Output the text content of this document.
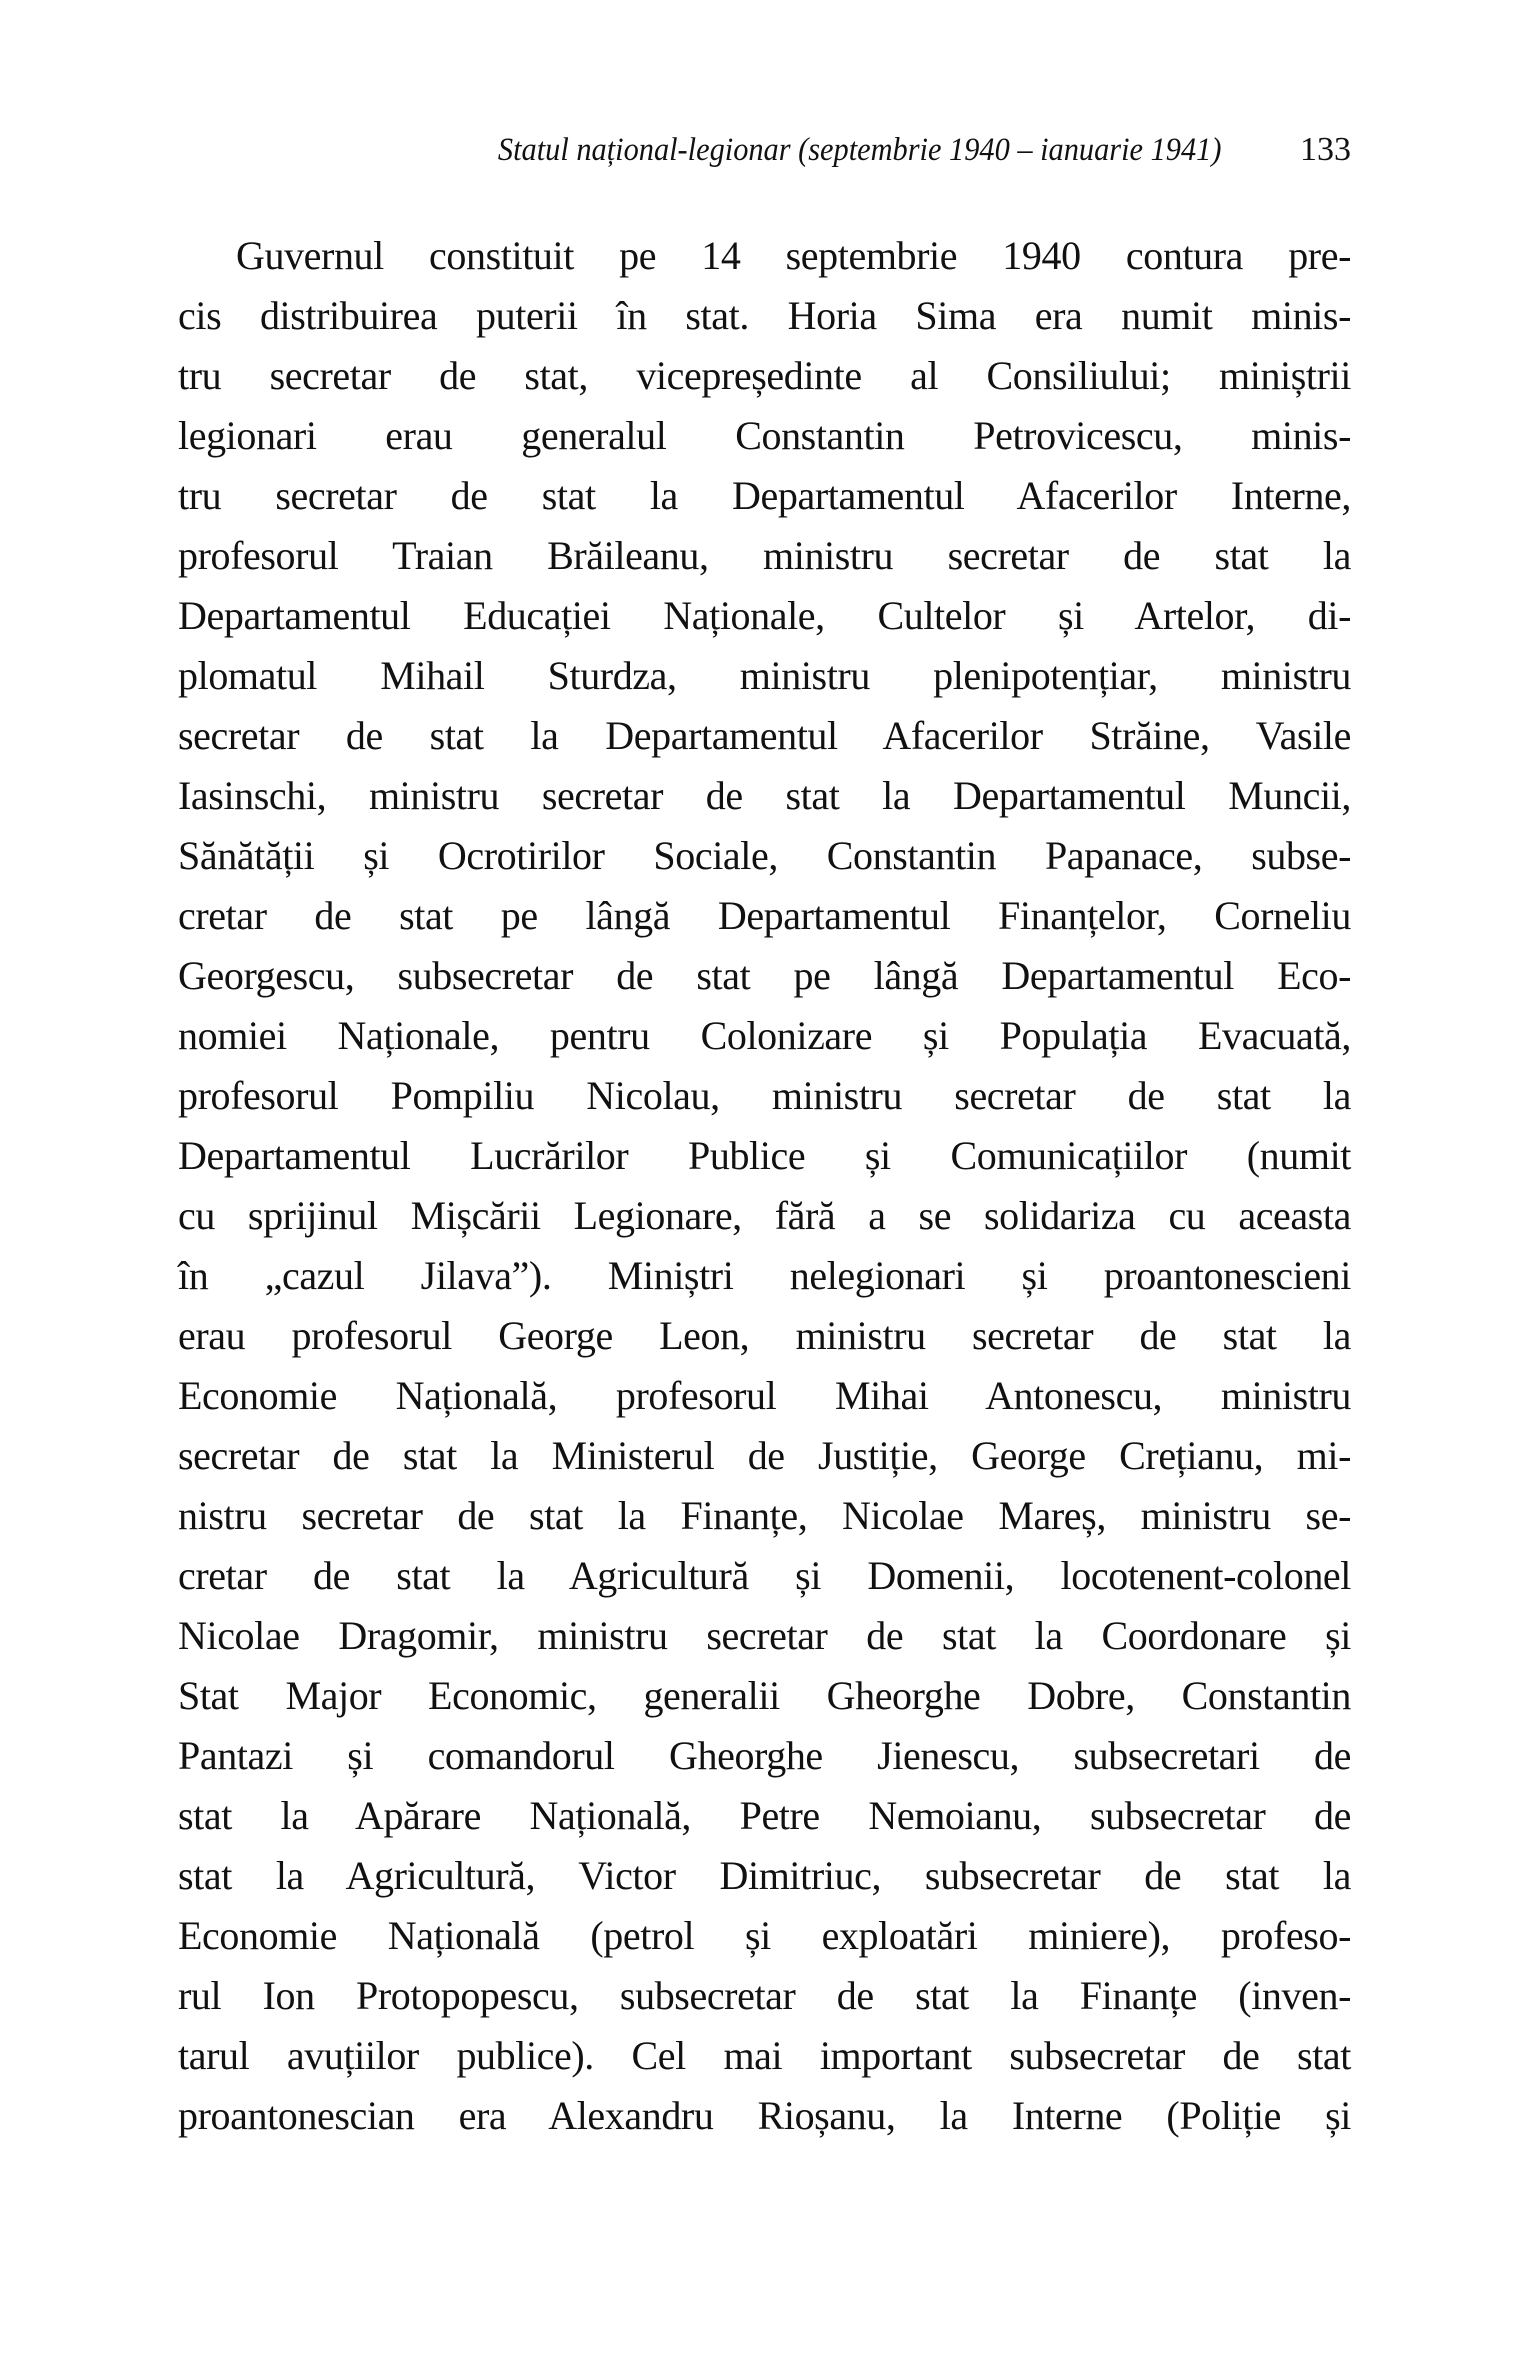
Statul național-legionar (septembrie 1940 – ianuarie 1941) 133
Guvernul constituit pe 14 septembrie 1940 contura pre-
cis distribuirea puterii în stat. Horia Sima era numit minis-
tru secretar de stat, vicepreședinte al Consiliului; miniștrii
legionari erau generalul Constantin Petrovicescu, minis-
tru secretar de stat la Departamentul Afacerilor Interne,
profesorul Traian Brăileanu, ministru secretar de stat la
Departamentul Educației Naționale, Cultelor și Artelor, di-
plomatul Mihail Sturdza, ministru plenipotențiar, ministru
secretar de stat la Departamentul Afacerilor Străine, Vasile
Iasinschi, ministru secretar de stat la Departamentul Muncii,
Sănătății și Ocrotirilor Sociale, Constantin Papanace, subse-
cretar de stat pe lângă Departamentul Finanțelor, Corneliu
Georgescu, subsecretar de stat pe lângă Departamentul Eco-
nomiei Naționale, pentru Colonizare și Populația Evacuată,
profesorul Pompiliu Nicolau, ministru secretar de stat la
Departamentul Lucrărilor Publice și Comunicațiilor (numit
cu sprijinul Mișcării Legionare, fără a se solidariza cu aceasta
în „cazul Jilava”). Miniștri nelegionari și proantonescieni
erau profesorul George Leon, ministru secretar de stat la
Economie Națională, profesorul Mihai Antonescu, ministru
secretar de stat la Ministerul de Justiție, George Crețianu, mi-
nistru secretar de stat la Finanțe, Nicolae Mareș, ministru se-
cretar de stat la Agricultură și Domenii, locotenent-colonel
Nicolae Dragomir, ministru secretar de stat la Coordonare și
Stat Major Economic, generalii Gheorghe Dobre, Constantin
Pantazi și comandorul Gheorghe Jienescu, subsecretari de
stat la Apărare Națională, Petre Nemoianu, subsecretar de
stat la Agricultură, Victor Dimitriuc, subsecretar de stat la
Economie Națională (petrol și exploatări miniere), profeso-
rul Ion Protopopescu, subsecretar de stat la Finanțe (inven-
tarul avuțiilor publice). Cel mai important subsecretar de stat
proantonescian era Alexandru Rioșanu, la Interne (Poliție și
